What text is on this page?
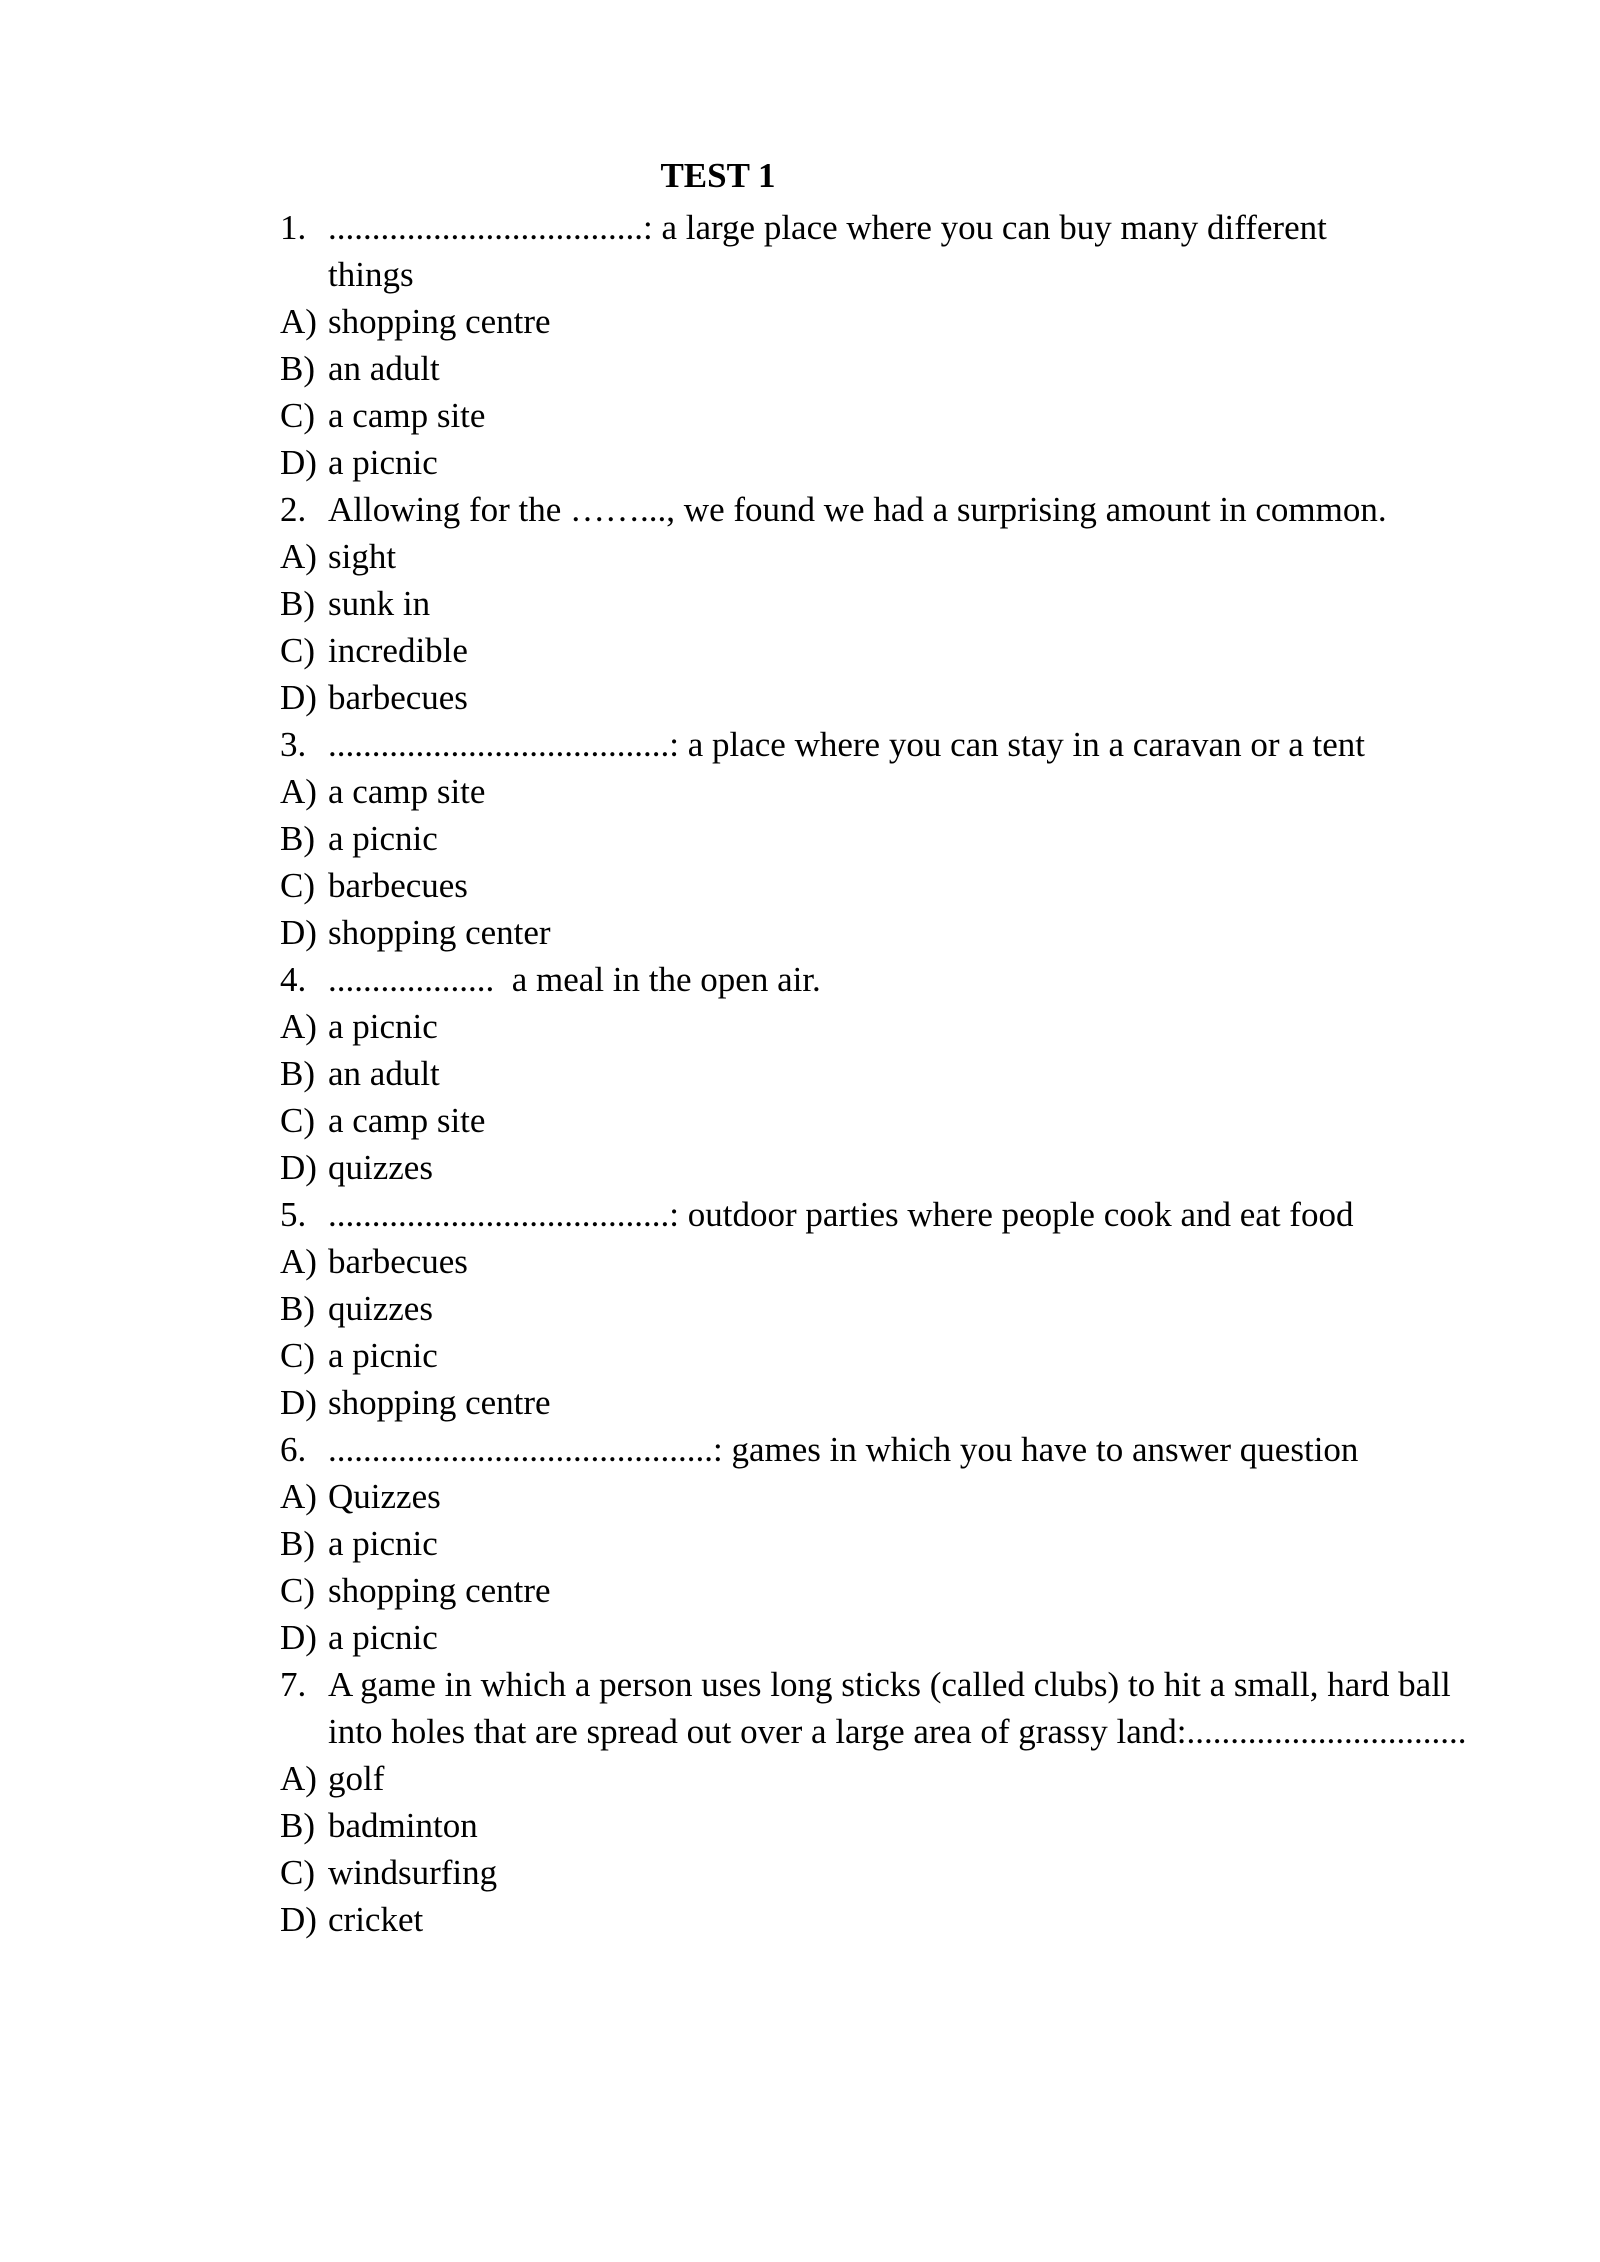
TEST 1
1. ....................................: a large place where you can buy many different things
A) shopping centre
B) an adult
C) a camp site
D) a picnic
2. Allowing for the ……..., we found we had a surprising amount in common.
A) sight
B) sunk in
C) incredible
D) barbecues
3. .......................................: a place where you can stay in a caravan or a tent
A) a camp site
B) a picnic
C) barbecues
D) shopping center
4. ...................  a meal in the open air.
A) a picnic
B) an adult
C) a camp site
D) quizzes
5. .......................................: outdoor parties where people cook and eat food
A) barbecues
B) quizzes
C) a picnic
D) shopping centre
6. ............................................: games in which you have to answer question
A) Quizzes
B) a picnic
C) shopping centre
D) a picnic
7. A game in which a person uses long sticks (called clubs) to hit a small, hard ball into holes that are spread out over a large area of grassy land:................................
A) golf
B) badminton
C) windsurfing
D) cricket
